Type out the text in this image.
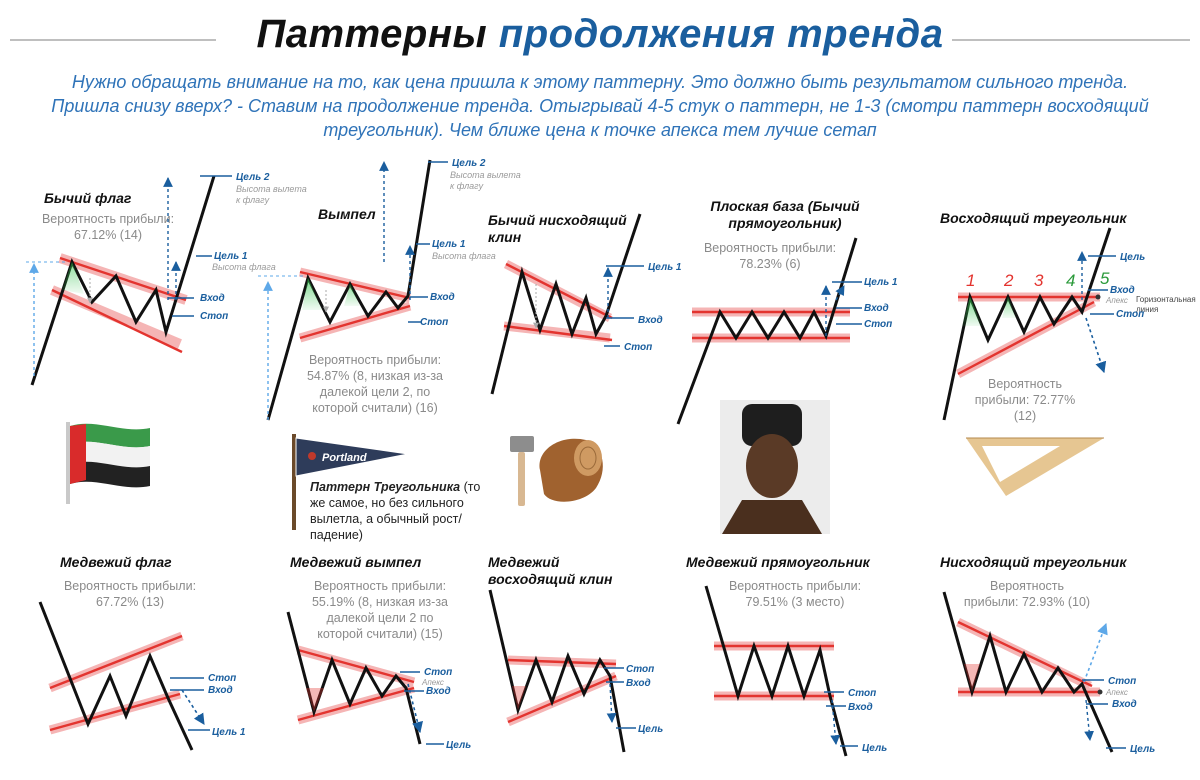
Паттерны продолжения тренда
Нужно обращать внимание на то, как цена пришла к этому паттерну. Это должно быть результатом сильного тренда. Пришла снизу вверх? - Ставим на продолжение тренда. Отыгрывай 4-5 стук о паттерн, не 1-3 (смотри паттерн восходящий треугольник). Чем ближе цена к точке апекса тем лучше сетап
Бычий флаг
Вероятность прибыли: 67.12% (14)
Вымпел
Вероятность прибыли: 54.87% (8, низкая из-за далекой цели 2, по которой считали) (16)
Бычий нисходящий клин
Плоская база (Бычий прямоугольник)
Вероятность прибыли: 78.23% (6)
Восходящий треугольник
Вероятность прибыли: 72.77% (12)
Паттерн Треугольника (то же самое, но без сильного вылетла, а обычный рост/ падение)
Медвежий флаг
Вероятность прибыли: 67.72% (13)
Медвежий вымпел
Вероятность прибыли: 55.19% (8, низкая из-за далекой цели 2 по которой считали) (15)
Медвежий восходящий клин
Медвежий прямоугольник
Вероятность прибыли: 79.51% (3 место)
Нисходящий треугольник
Вероятность прибыли: 72.93% (10)
Цель 2
Высота вылета к флагу
Цель 1
Высота флага
Вход
Стоп
Цель 2
Высота вылета к флагу
Цель 1
Высота флага
Вход
Стоп
Цель 1
Вход
Стоп
Цель 1
Вход
Стоп
1 2 3 4 5
Цель
Вход
Апекс Горизонтальная линия
Стоп
Portland
Стоп
Вход
Цель 1
Стоп
Апекс
Вход
Цель
Стоп
Вход
Цель
Стоп
Вход
Цель
Стоп
Апекс
Вход
Цель
